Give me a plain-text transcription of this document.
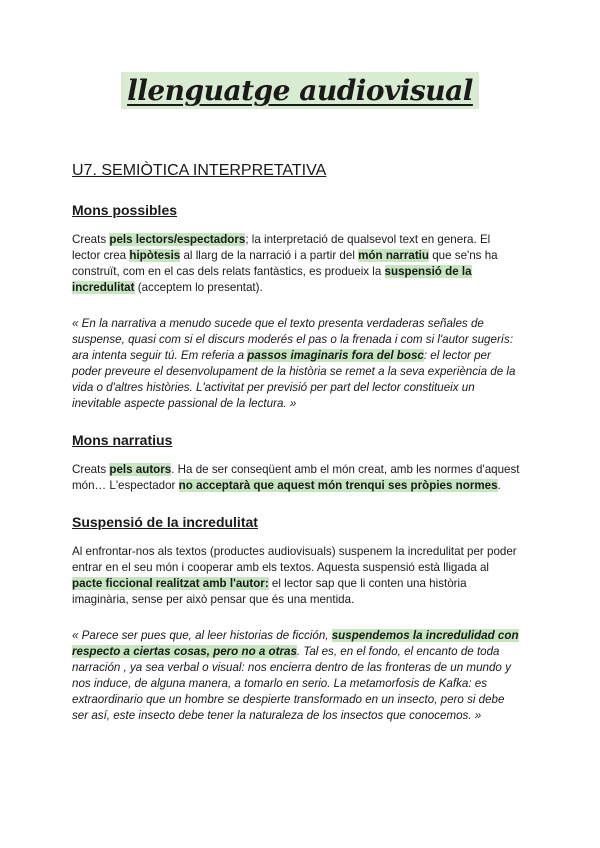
llenguatge audiovisual
U7. SEMIÒTICA INTERPRETATIVA
Mons possibles

Creats pels lectors/espectadors; la interpretació de qualsevol text en genera. El lector crea hipòtesis al llarg de la narració i a partir del món narratiu que se'ns ha construït, com en el cas dels relats fantàstics, es produeix la suspensió de la incredulitat (acceptem lo presentat).

« En la narrativa a menudo sucede que el texto presenta verdaderas señales de suspense, quasi com si el discurs moderés el pas o la frenada i com si l'autor sugerís: ara intenta seguir tú. Em referia a passos imaginaris fora del bosc: el lector per poder preveure el desenvolupament de la història se remet a la seva experiència de la vida o d'altres històries. L'activitat per previsió per part del lector constitueix un inevitable aspecte passional de la lectura. »

Mons narratius

Creats pels autors. Ha de ser conseqüent amb el món creat, amb les normes d'aquest món… L'espectador no acceptarà que aquest món trenqui ses pròpies normes.

Suspensió de la incredulitat

Al enfrontar-nos als textos (productes audiovisuals) suspenem la incredulitat per poder entrar en el seu món i cooperar amb els textos. Aquesta suspensió està lligada al pacte ficcional realitzat amb l'autor: el lector sap que li conten una història imaginària, sense per això pensar que és una mentida.

« Parece ser pues que, al leer historias de ficción, suspendemos la incredulidad con respecto a ciertas cosas, pero no a otras. Tal es, en el fondo, el encanto de toda narración , ya sea verbal o visual: nos encierra dentro de las fronteras de un mundo y nos induce, de alguna manera, a tomarlo en serio. La metamorfosis de Kafka: es extraordinario que un hombre se despierte transformado en un insecto, pero si debe ser así, este insecto debe tener la naturaleza de los insectos que conocemos. »
